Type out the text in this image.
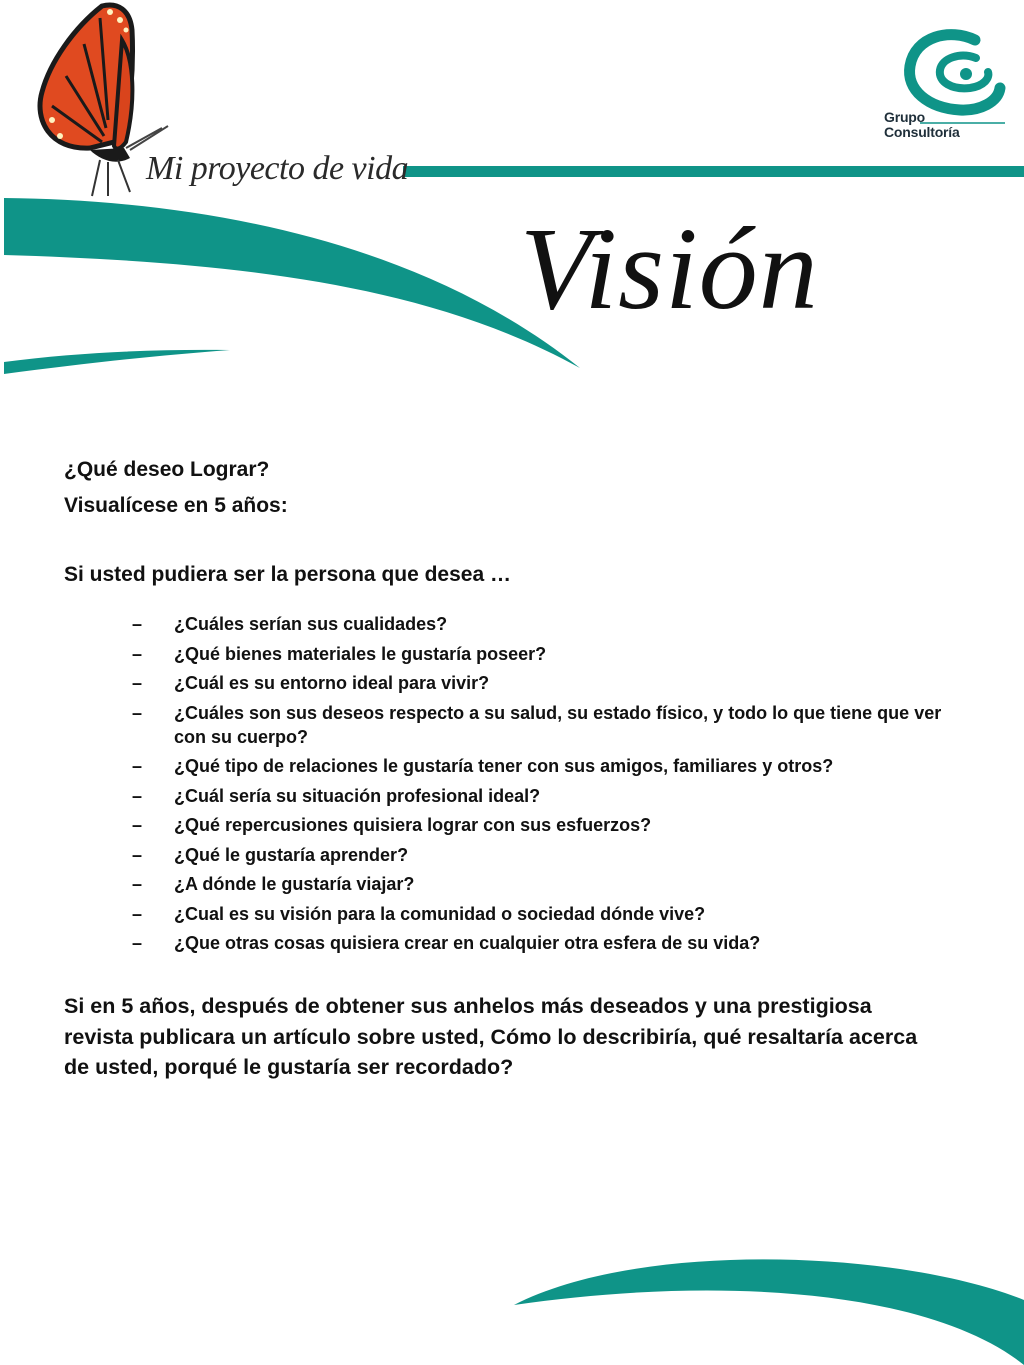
Grupo
Consultoría
Mi proyecto de vida
Visión

¿Qué deseo Lograr?

Visualícese en 5 años:

Si usted pudiera ser la persona que desea …

– ¿Cuáles serían sus cualidades?
– ¿Qué bienes materiales le gustaría poseer?
– ¿Cuál es su entorno ideal para vivir?
– ¿Cuáles son sus deseos respecto a su salud, su estado físico, y todo lo que tiene que ver con su cuerpo?
– ¿Qué tipo de relaciones le gustaría tener con sus amigos, familiares y otros?
– ¿Cuál sería su situación profesional ideal?
– ¿Qué repercusiones quisiera lograr con sus esfuerzos?
– ¿Qué le gustaría aprender?
– ¿A dónde le gustaría viajar?
– ¿Cual es su visión para la comunidad o sociedad dónde vive?
– ¿Que otras cosas quisiera crear en cualquier otra esfera de su vida?

Si en 5 años, después de obtener sus anhelos más deseados y una prestigiosa revista publicara un artículo sobre usted, Cómo lo describiría, qué resaltaría acerca de usted, porqué le gustaría ser recordado?
